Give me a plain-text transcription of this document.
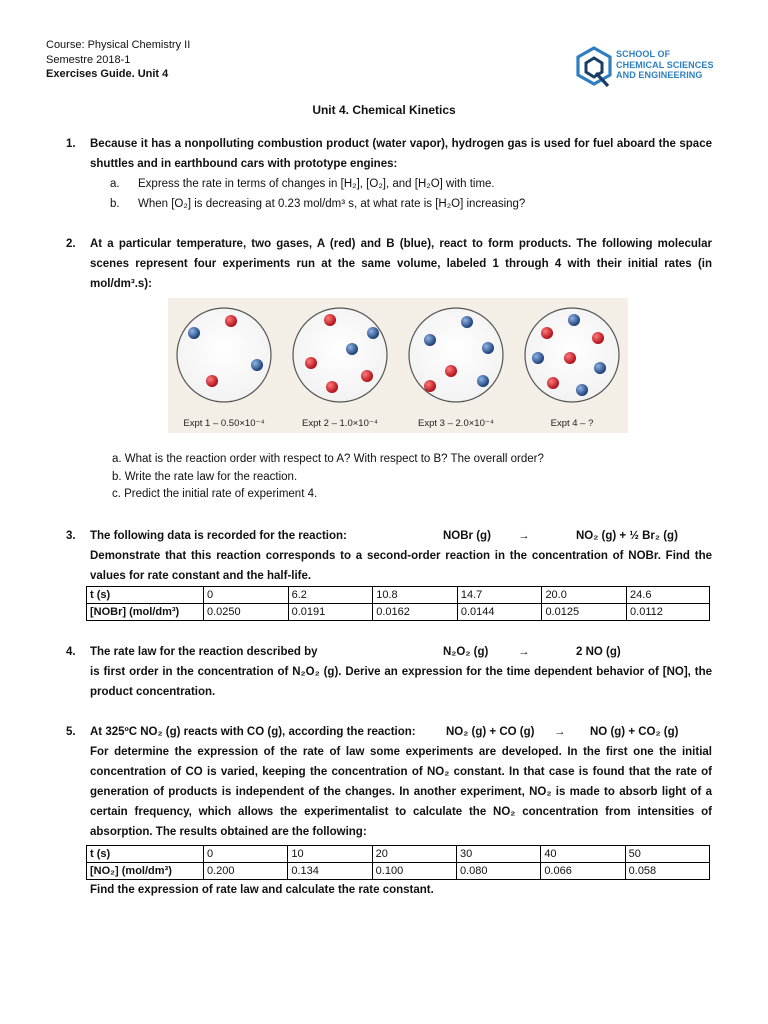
Course: Physical Chemistry II
Semestre 2018-1
Exercises Guide. Unit 4
SCHOOL OF
CHEMICAL SCIENCES
AND ENGINEERING
Unit 4. Chemical Kinetics
1. Because it has a nonpolluting combustion product (water vapor), hydrogen gas is used for fuel aboard the space shuttles and in earthbound cars with prototype engines:
a. Express the rate in terms of changes in [H₂], [O₂], and [H₂O] with time.
b. When [O₂] is decreasing at 0.23 mol/dm³ s, at what rate is [H₂O] increasing?
2. At a particular temperature, two gases, A (red) and B (blue), react to form products. The following molecular scenes represent four experiments run at the same volume, labeled 1 through 4 with their initial rates (in mol/dm³.s):
Expt 1 – 0.50×10⁻⁴	Expt 2 – 1.0×10⁻⁴	Expt 3 – 2.0×10⁻⁴	Expt 4 – ?
a. What is the reaction order with respect to A? With respect to B? The overall order?
b. Write the rate law for the reaction.
c. Predict the initial rate of experiment 4.
3. The following data is recorded for the reaction:	NOBr (g) →	NO₂ (g) + ½ Br₂ (g)
Demonstrate that this reaction corresponds to a second-order reaction in the concentration of NOBr. Find the values for rate constant and the half-life.
t (s)	0	6.2	10.8	14.7	20.0	24.6
[NOBr] (mol/dm³)	0.0250	0.0191	0.0162	0.0144	0.0125	0.0112
4. The rate law for the reaction described by	N₂O₂ (g)	→	2 NO (g)
is first order in the concentration of N₂O₂ (g). Derive an expression for the time dependent behavior of [NO], the product concentration.
5. At 325ºC NO₂ (g) reacts with CO (g), according the reaction:	NO₂ (g) + CO (g) → NO (g) + CO₂ (g)
For determine the expression of the rate of law some experiments are developed. In the first one the initial concentration of CO is varied, keeping the concentration of NO₂ constant. In that case is found that the rate of generation of products is independent of the changes. In another experiment, NO₂ is made to absorb light of a certain frequency, which allows the experimentalist to calculate the NO₂ concentration from intensities of absorption. The results obtained are the following:
t (s)	0	10	20	30	40	50
[NO₂] (mol/dm³)	0.200	0.134	0.100	0.080	0.066	0.058
Find the expression of rate law and calculate the rate constant.
